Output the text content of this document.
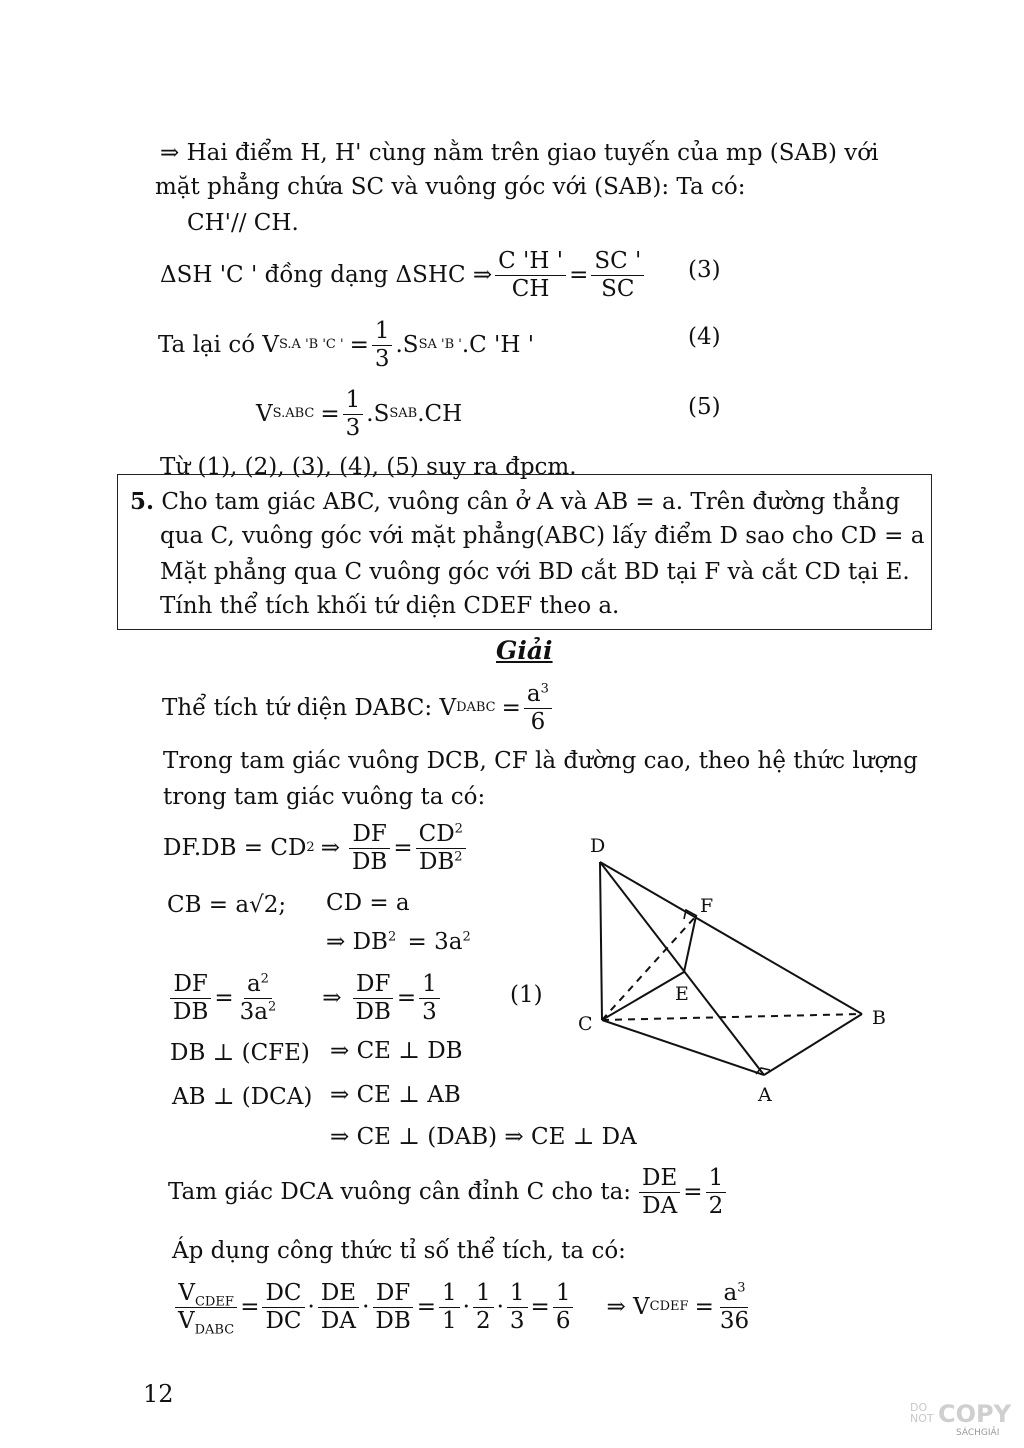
⇒ Hai điểm H, H' cùng nằm trên giao tuyến của mp (SAB) với
mặt phẳng chứa SC và vuông góc với (SAB): Ta có:
CH'// CH.
ΔSH 'C ' đồng dạng ΔSHC ⇒ $\frac{C 'H '}{CH} = \frac{SC '}{SC} (3)$
Ta lại có V S.A 'B 'C ' = $\frac{1}{3} .S$ SA 'B ' .C 'H '	(4)
V $S.ABC = \frac{1}{3} .S$ SAB .CH	(5)
Từ (1), (2), (3), (4), (5) suy ra đpcm.
5. Cho tam giác ABC, vuông cân ở A và AB = a. Trên đường thẳng
qua C, vuông góc với mặt phẳng(ABC) lấy điểm D sao cho CD = a
Mặt phẳng qua C vuông góc với BD cắt BD tại F và cắt CD tại E.
Tính thể tích khối tứ diện CDEF theo a.
Giải
Thể tích tứ diện DABC: V DABC = $\frac{a^3}{6}$
Trong tam giác vuông DCB, CF là đường cao, theo hệ thức lượng
trong tam giác vuông ta có:
DF.DB = CD 2 ⇒ $\frac{DF}{DB} = \frac{CD^2}{DB^2}$
CB = a√2; CD = a
⇒ $DB^2 = 3a^2$
$\frac{DF}{DB} = \frac{a^2}{3a^2}$ ⇒ $\frac{DF}{DB} = \frac{1}{3}$	(1)
DB ⊥ (CFE) ⇒ CE ⊥ DB
AB ⊥ (DCA) ⇒ CE ⊥ AB
⇒ CE ⊥ (DAB) ⇒ CE ⊥ DA
Tam giác DCA vuông cân đỉnh C cho ta: $\frac{DE}{DA} = \frac{1}{2}$
Áp dụng công thức tỉ số thể tích, ta có:
$\frac{V_{CDEF}}{V_{DABC}} = \frac{DC}{DC} \cdot \frac{DE}{DA} \cdot \frac{DF}{DB} = \frac{1}{1} \cdot \frac{1}{2} \cdot \frac{1}{3} = \frac{1}{6}$ ⇒ V CDEF = $\frac{a^3}{36}$
D
F
E
C	B
A
12	DO
NOT COPY
SÁCHGIẢI
